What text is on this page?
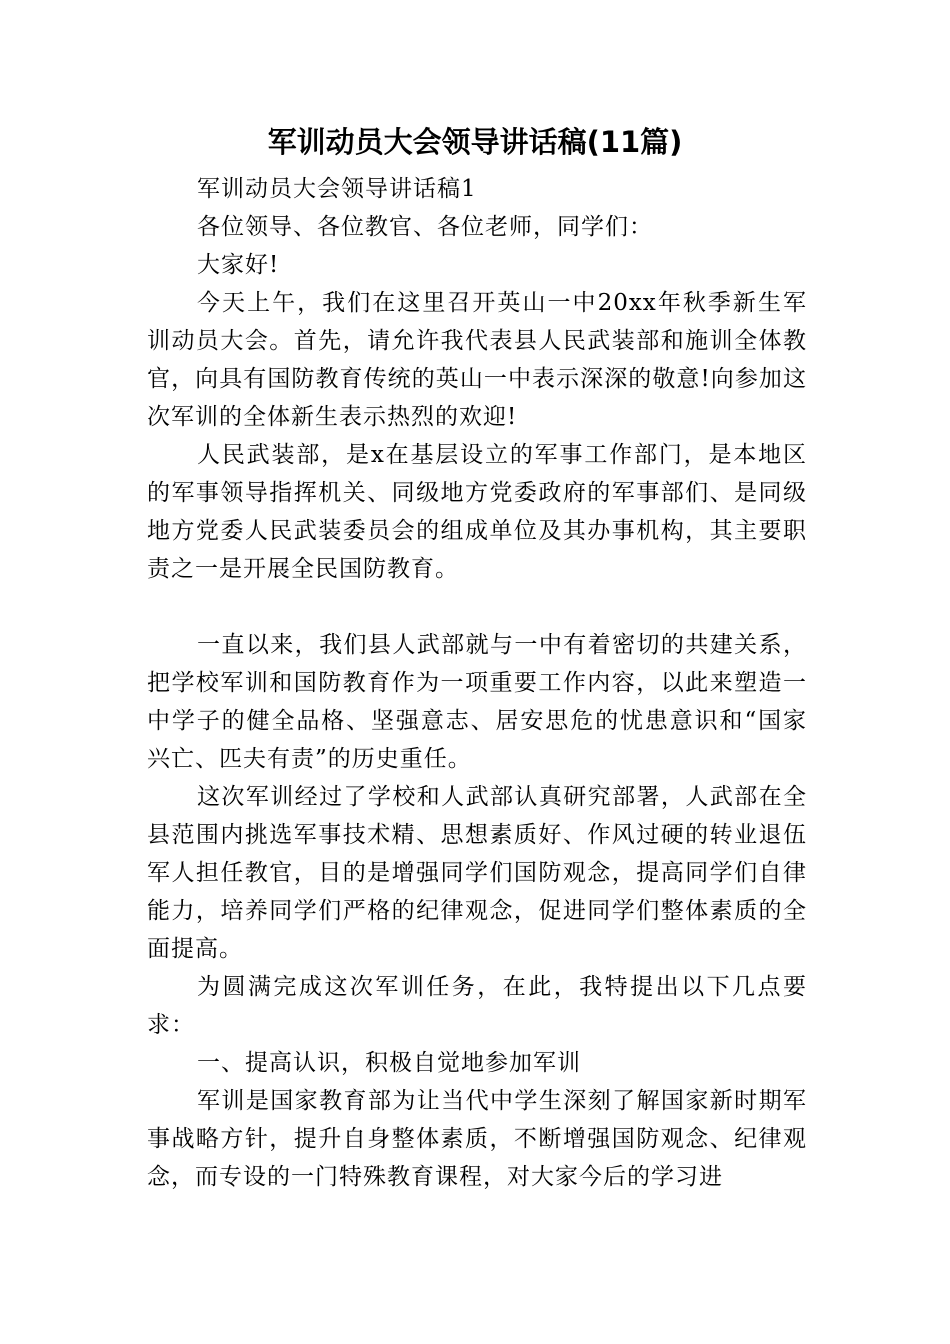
军训动员大会领导讲话稿(11篇)

军训动员大会领导讲话稿1

各位领导、各位教官、各位老师，同学们：

大家好!

今天上午，我们在这里召开英山一中20xx年秋季新生军训动员大会。首先，请允许我代表县人民武装部和施训全体教官，向具有国防教育传统的英山一中表示深深的敬意!向参加这次军训的全体新生表示热烈的欢迎!

人民武装部，是x在基层设立的军事工作部门，是本地区的军事领导指挥机关、同级地方党委政府的军事部们、是同级地方党委人民武装委员会的组成单位及其办事机构，其主要职责之一是开展全民国防教育。

一直以来，我们县人武部就与一中有着密切的共建关系，把学校军训和国防教育作为一项重要工作内容，以此来塑造一中学子的健全品格、坚强意志、居安思危的忧患意识和“国家兴亡、匹夫有责”的历史重任。

这次军训经过了学校和人武部认真研究部署，人武部在全县范围内挑选军事技术精、思想素质好、作风过硬的转业退伍军人担任教官，目的是增强同学们国防观念，提高同学们自律能力，培养同学们严格的纪律观念，促进同学们整体素质的全面提高。

为圆满完成这次军训任务，在此，我特提出以下几点要求：

一、提高认识，积极自觉地参加军训

军训是国家教育部为让当代中学生深刻了解国家新时期军事战略方针，提升自身整体素质，不断增强国防观念、纪律观念，而专设的一门特殊教育课程，对大家今后的学习进
